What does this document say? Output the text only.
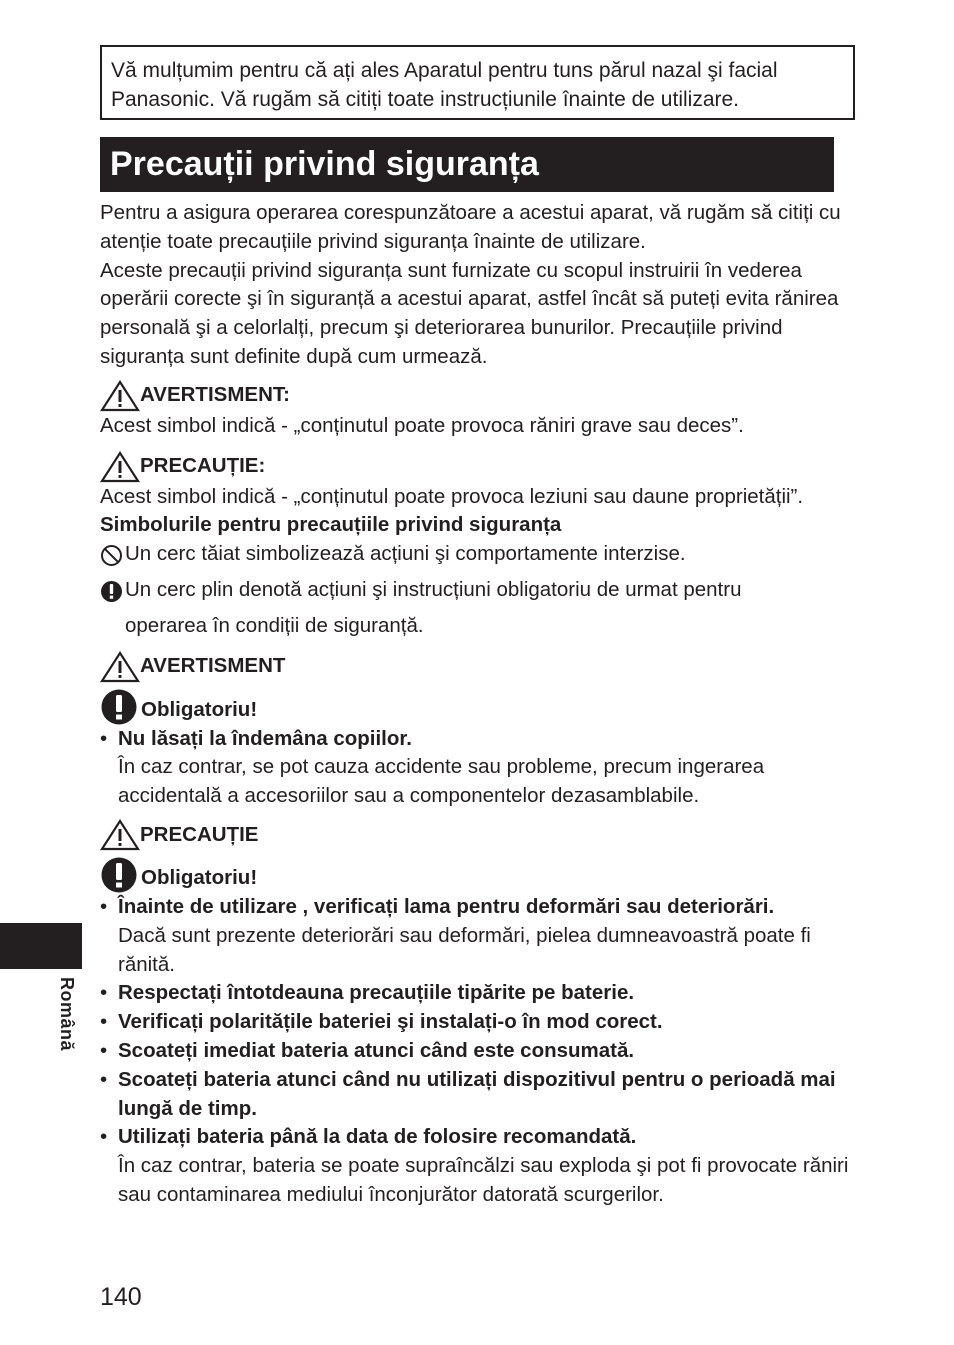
Vă mulțumim pentru că ați ales Aparatul pentru tuns părul nazal şi facial Panasonic. Vă rugăm să citiți toate instrucțiunile înainte de utilizare.
Precauții privind siguranța

Pentru a asigura operarea corespunzătoare a acestui aparat, vă rugăm să citiți cu atenție toate precauțiile privind siguranța înainte de utilizare.

Aceste precauții privind siguranța sunt furnizate cu scopul instruirii în vederea operării corecte şi în siguranță a acestui aparat, astfel încât să puteți evita rănirea personală şi a celorlalți, precum şi deteriorarea bunurilor. Precauțiile privind siguranța sunt definite după cum urmează.

AVERTISMENT:

Acest simbol indică - „conținutul poate provoca răniri grave sau deces”.

PRECAUȚIE:

Acest simbol indică - „conținutul poate provoca leziuni sau daune proprietății”.

Simbolurile pentru precauțiile privind siguranța

Un cerc tăiat simbolizează acțiuni şi comportamente interzise.
Un cerc plin denotă acțiuni şi instrucțiuni obligatoriu de urmat pentru

operarea în condiții de siguranță.

AVERTISMENT
Obligatoriu!
• Nu lăsați la îndemâna copiilor.
În caz contrar, se pot cauza accidente sau probleme, precum ingerarea accidentală a accesoriilor sau a componentelor dezasamblabile.
PRECAUȚIE
Obligatoriu!
• Înainte de utilizare , verificați lama pentru deformări sau deteriorări.
Dacă sunt prezente deteriorări sau deformări, pielea dumneavoastră poate fi rănită.
• Respectați întotdeauna precauțiile tipărite pe baterie.
• Verificați polaritățile bateriei şi instalați-o în mod corect.
• Scoateți imediat bateria atunci când este consumată.
• Scoateți bateria atunci când nu utilizați dispozitivul pentru o perioadă mai lungă de timp.
• Utilizați bateria până la data de folosire recomandată.
În caz contrar, bateria se poate supraîncălzi sau exploda şi pot fi provocate răniri sau contaminarea mediului înconjurător datorată scurgerilor.
Română
140
